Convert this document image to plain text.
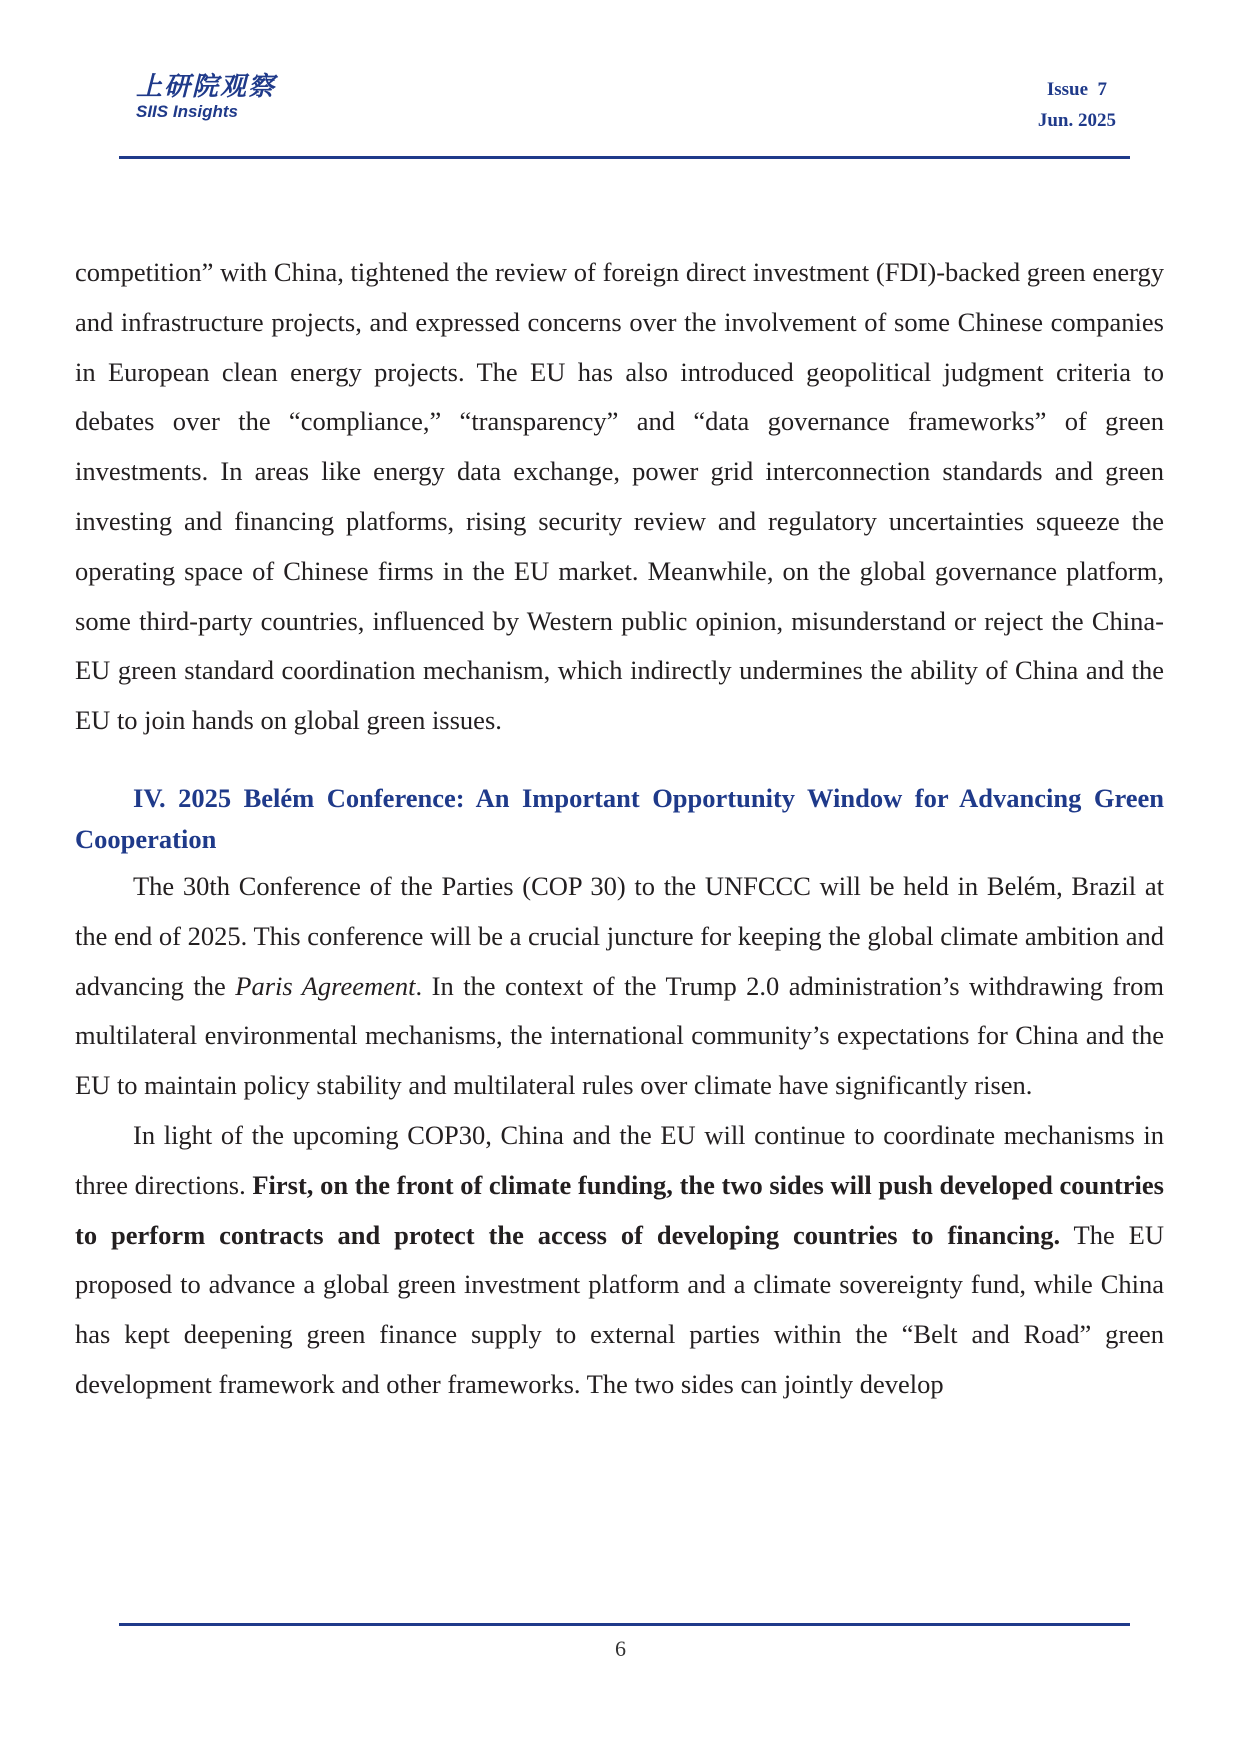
上研院观察
SIIS Insights
Issue  7
Jun. 2025

competition” with China, tightened the review of foreign direct investment (FDI)-backed green energy and infrastructure projects, and expressed concerns over the involvement of some Chinese companies in European clean energy projects. The EU has also introduced geopolitical judgment criteria to debates over the “compliance,” “transparency” and “data governance frameworks” of green investments. In areas like energy data exchange, power grid interconnection standards and green investing and financing platforms, rising security review and regulatory uncertainties squeeze the operating space of Chinese firms in the EU market. Meanwhile, on the global governance platform, some third-party countries, influenced by Western public opinion, misunderstand or reject the China-EU green standard coordination mechanism, which indirectly undermines the ability of China and the EU to join hands on global green issues.

IV. 2025 Belém Conference: An Important Opportunity Window for Advancing Green Cooperation

The 30th Conference of the Parties (COP 30) to the UNFCCC will be held in Belém, Brazil at the end of 2025. This conference will be a crucial juncture for keeping the global climate ambition and advancing the Paris Agreement. In the context of the Trump 2.0 administration’s withdrawing from multilateral environmental mechanisms, the international community’s expectations for China and the EU to maintain policy stability and multilateral rules over climate have significantly risen.

In light of the upcoming COP30, China and the EU will continue to coordinate mechanisms in three directions. First, on the front of climate funding, the two sides will push developed countries to perform contracts and protect the access of developing countries to financing. The EU proposed to advance a global green investment platform and a climate sovereignty fund, while China has kept deepening green finance supply to external parties within the “Belt and Road” green development framework and other frameworks. The two sides can jointly develop

6
